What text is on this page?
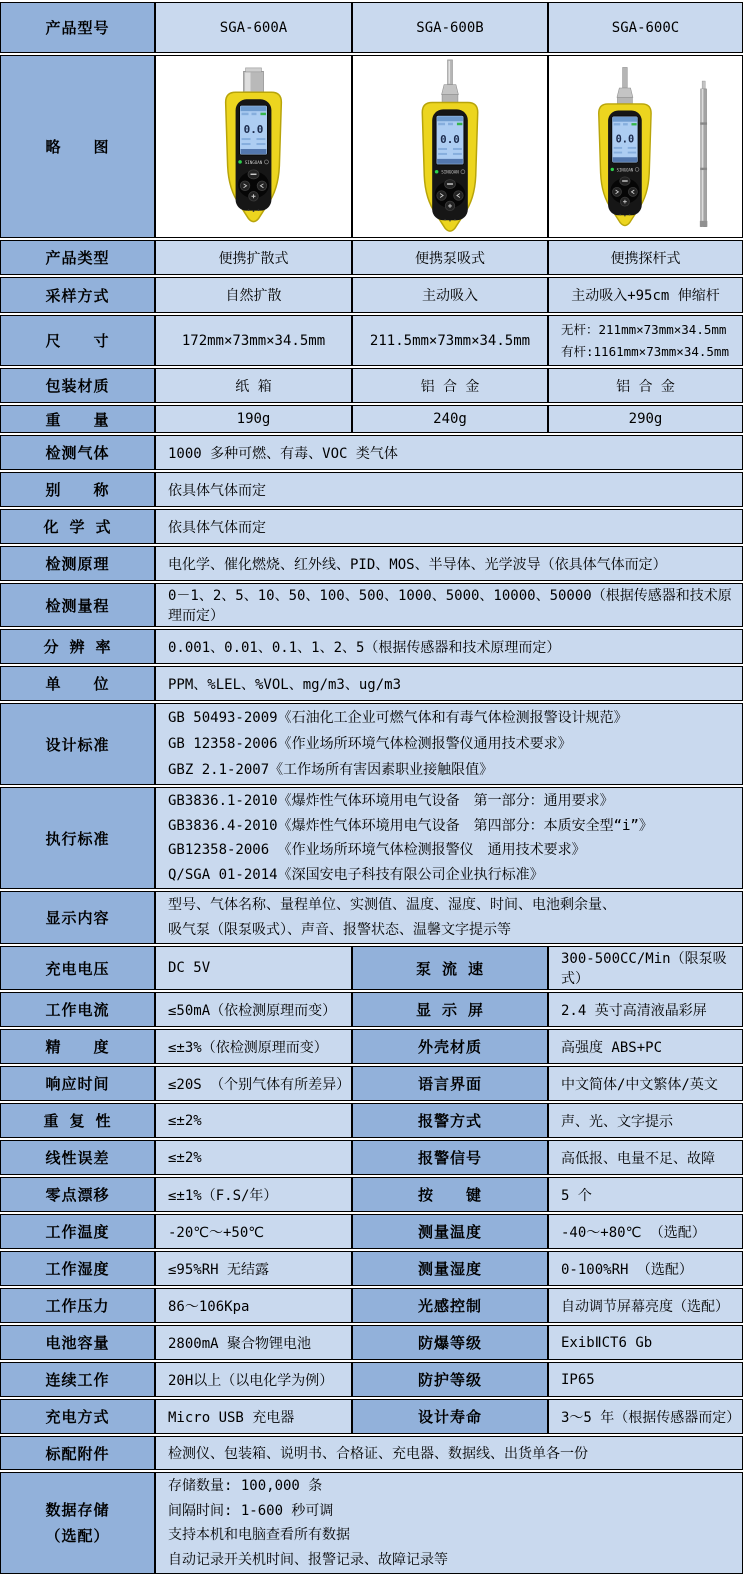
产品型号	SGA-600A	SGA-600B	SGA-600C
略　　图	

产品类型	便携扩散式	便携泵吸式	便携探杆式
采样方式	自然扩散	主动吸入	主动吸入+95cm 伸缩杆
尺　　寸	172mm×73mm×34.5mm	211.5mm×73mm×34.5mm	无杆：211mm×73mm×34.5mm
有杆:1161mm×73mm×34.5mm

包装材质	纸 箱	铝 合 金	铝 合 金
重　　量	190g	240g	290g
检测气体	1000 多种可燃、有毒、VOC 类气体		
别　　称	依具体气体而定		
化 学 式	依具体气体而定		
检测原理	电化学、催化燃烧、红外线、PID、MOS、半导体、光学波导（依具体气体而定）		
检测量程	0－1、2、5、10、50、100、500、1000、5000、10000、50000（根据传感器和技术原理而定）		
分 辨 率	0.001、0.01、0.1、1、2、5（根据传感器和技术原理而定）		
单　　位	PPM、%LEL、%VOL、mg/m3、ug/m3		
设计标准	GB 50493-2009《石油化工企业可燃气体和有毒气体检测报警设计规范》
GB 12358-2006《作业场所环境气体检测报警仪通用技术要求》
GBZ 2.1-2007《工作场所有害因素职业接触限值》		

执行标准	GB3836.1-2010《爆炸性气体环境用电气设备　第一部分：通用要求》
GB3836.4-2010《爆炸性气体环境用电气设备　第四部分：本质安全型“i”》
GB12358-2006 《作业场所环境气体检测报警仪　通用技术要求》
Q/SGA 01-2014《深国安电子科技有限公司企业执行标准》		

显示内容	型号、气体名称、量程单位、实测值、温度、湿度、时间、电池剩余量、
吸气泵（限泵吸式）、声音、报警状态、温馨文字提示等		

充电电压	DC 5V	泵 流 速	300-500CC/Min（限泵吸式）
工作电流	≤50mA（依检测原理而变）	显 示 屏	2.4 英寸高清液晶彩屏
精　　度	≤±3%（依检测原理而变）	外壳材质	高强度 ABS+PC
响应时间	≤20S （个别气体有所差异）	语言界面	中文简体/中文繁体/英文
重 复 性	≤±2%	报警方式	声、光、文字提示
线性误差	≤±2%	报警信号	高低报、电量不足、故障
零点漂移	≤±1%（F.S/年）	按　　键	5 个
工作温度	-20℃～+50℃	测量温度	-40～+80℃ （选配）
工作湿度	≤95%RH 无结露	测量湿度	0-100%RH （选配）
工作压力	86～106Kpa	光感控制	自动调节屏幕亮度（选配）
电池容量	2800mA 聚合物锂电池	防爆等级	ExibⅡCT6 Gb
连续工作	20H以上（以电化学为例）	防护等级	IP65
充电方式	Micro USB 充电器	设计寿命	3～5 年（根据传感器而定）
标配附件	检测仪、包装箱、说明书、合格证、充电器、数据线、出货单各一份		

数据存储
（选配）

存储数量: 100,000 条
间隔时间: 1-600 秒可调
支持本机和电脑查看所有数据
自动记录开关机时间、报警记录、故障记录等
